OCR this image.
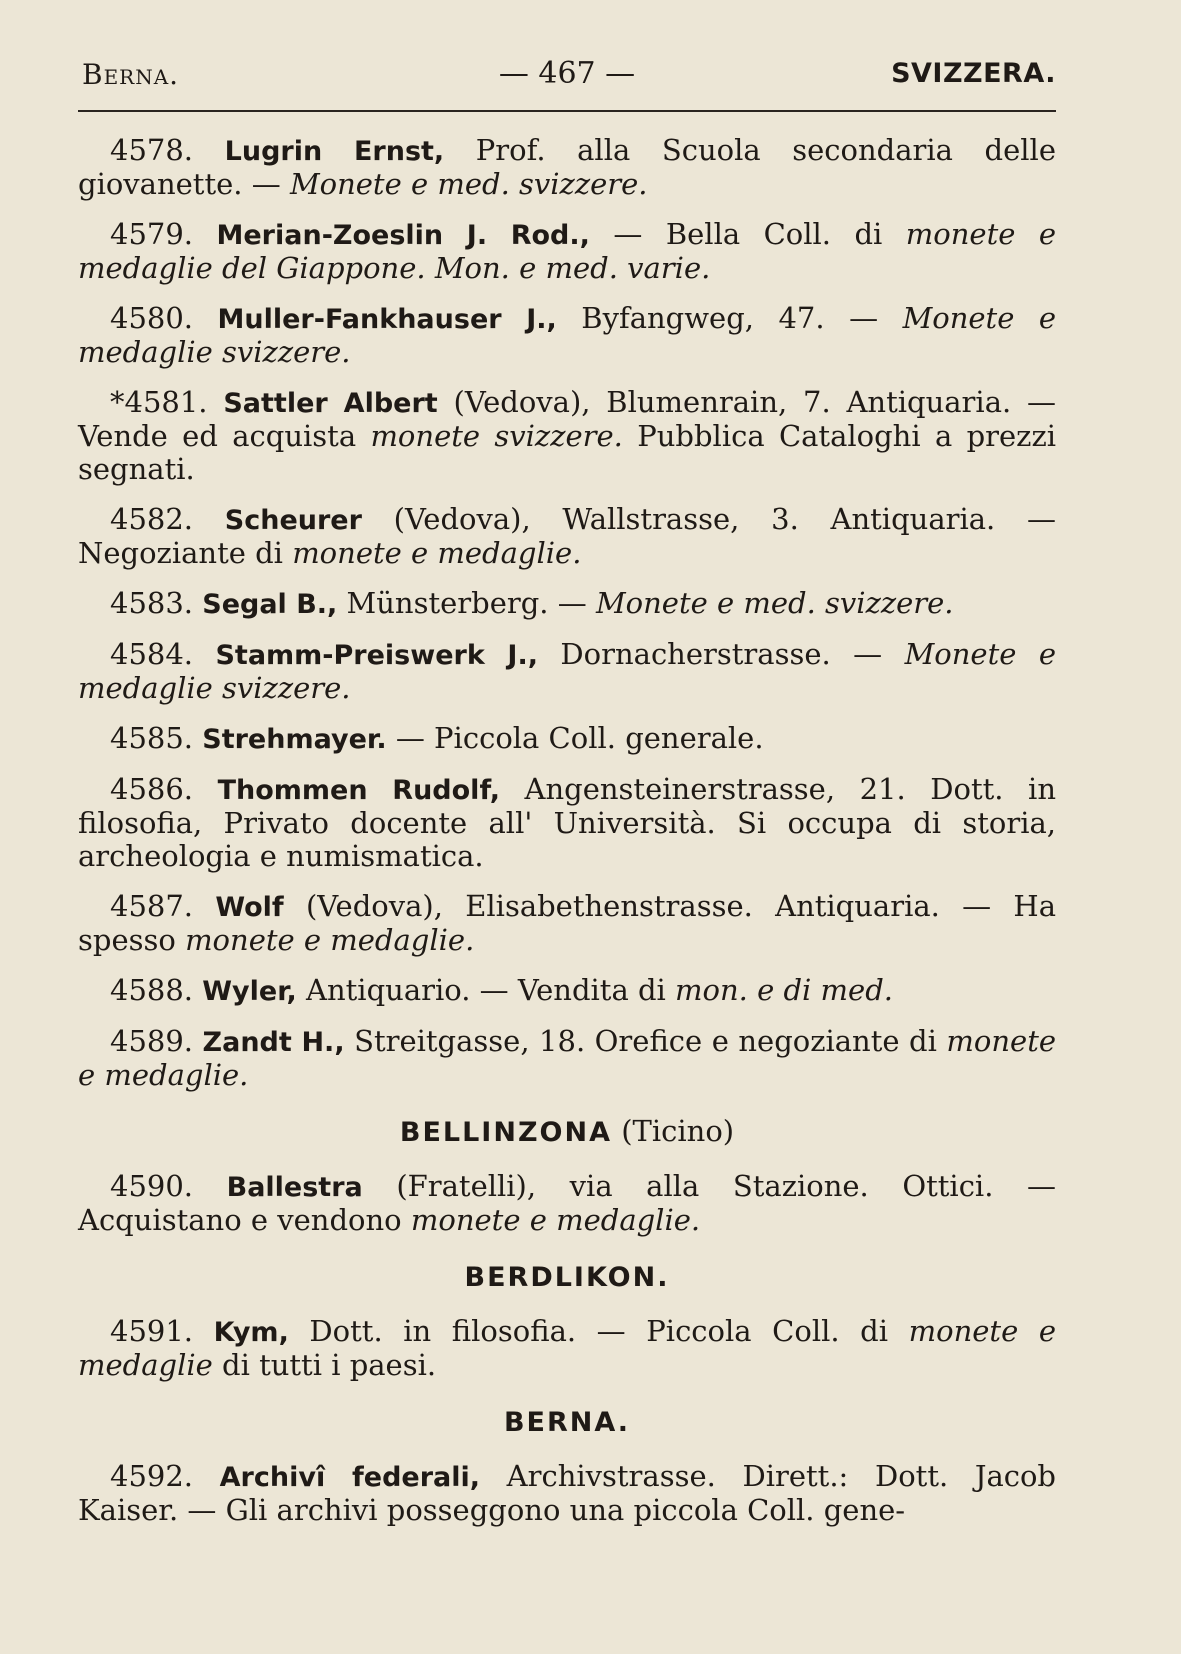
Berna.	— 467 —	SVIZZERA.

4578. Lugrin Ernst, Prof. alla Scuola secondaria delle giovanette. — Monete e med. svizzere.

4579. Merian-Zoeslin J. Rod., — Bella Coll. di monete e medaglie del Giappone. Mon. e med. varie.

4580. Muller-Fankhauser J., Byfangweg, 47. — Monete e medaglie svizzere.

*4581. Sattler Albert (Vedova), Blumenrain, 7. Antiquaria. — Vende ed acquista monete svizzere. Pubblica Cataloghi a prezzi segnati.

4582. Scheurer (Vedova), Wallstrasse, 3. Antiquaria. — Negoziante di monete e medaglie.

4583. Segal B., Münsterberg. — Monete e med. svizzere.

4584. Stamm-Preiswerk J., Dornacherstrasse. — Monete e medaglie svizzere.

4585. Strehmayer. — Piccola Coll. generale.

4586. Thommen Rudolf, Angensteinerstrasse, 21. Dott. in filosofia, Privato docente all' Università. Si occupa di storia, archeologia e numismatica.

4587. Wolf (Vedova), Elisabethenstrasse. Antiquaria. — Ha spesso monete e medaglie.

4588. Wyler, Antiquario. — Vendita di mon. e di med.

4589. Zandt H., Streitgasse, 18. Orefice e negoziante di monete e medaglie.

BELLINZONA (Ticino)

4590. Ballestra (Fratelli), via alla Stazione. Ottici. — Acquistano e vendono monete e medaglie.

BERDLIKON.

4591. Kym, Dott. in filosofia. — Piccola Coll. di monete e medaglie di tutti i paesi.

BERNA.

4592. Archivî federali, Archivstrasse. Dirett.: Dott. Jacob Kaiser. — Gli archivi posseggono una piccola Coll. gene-
